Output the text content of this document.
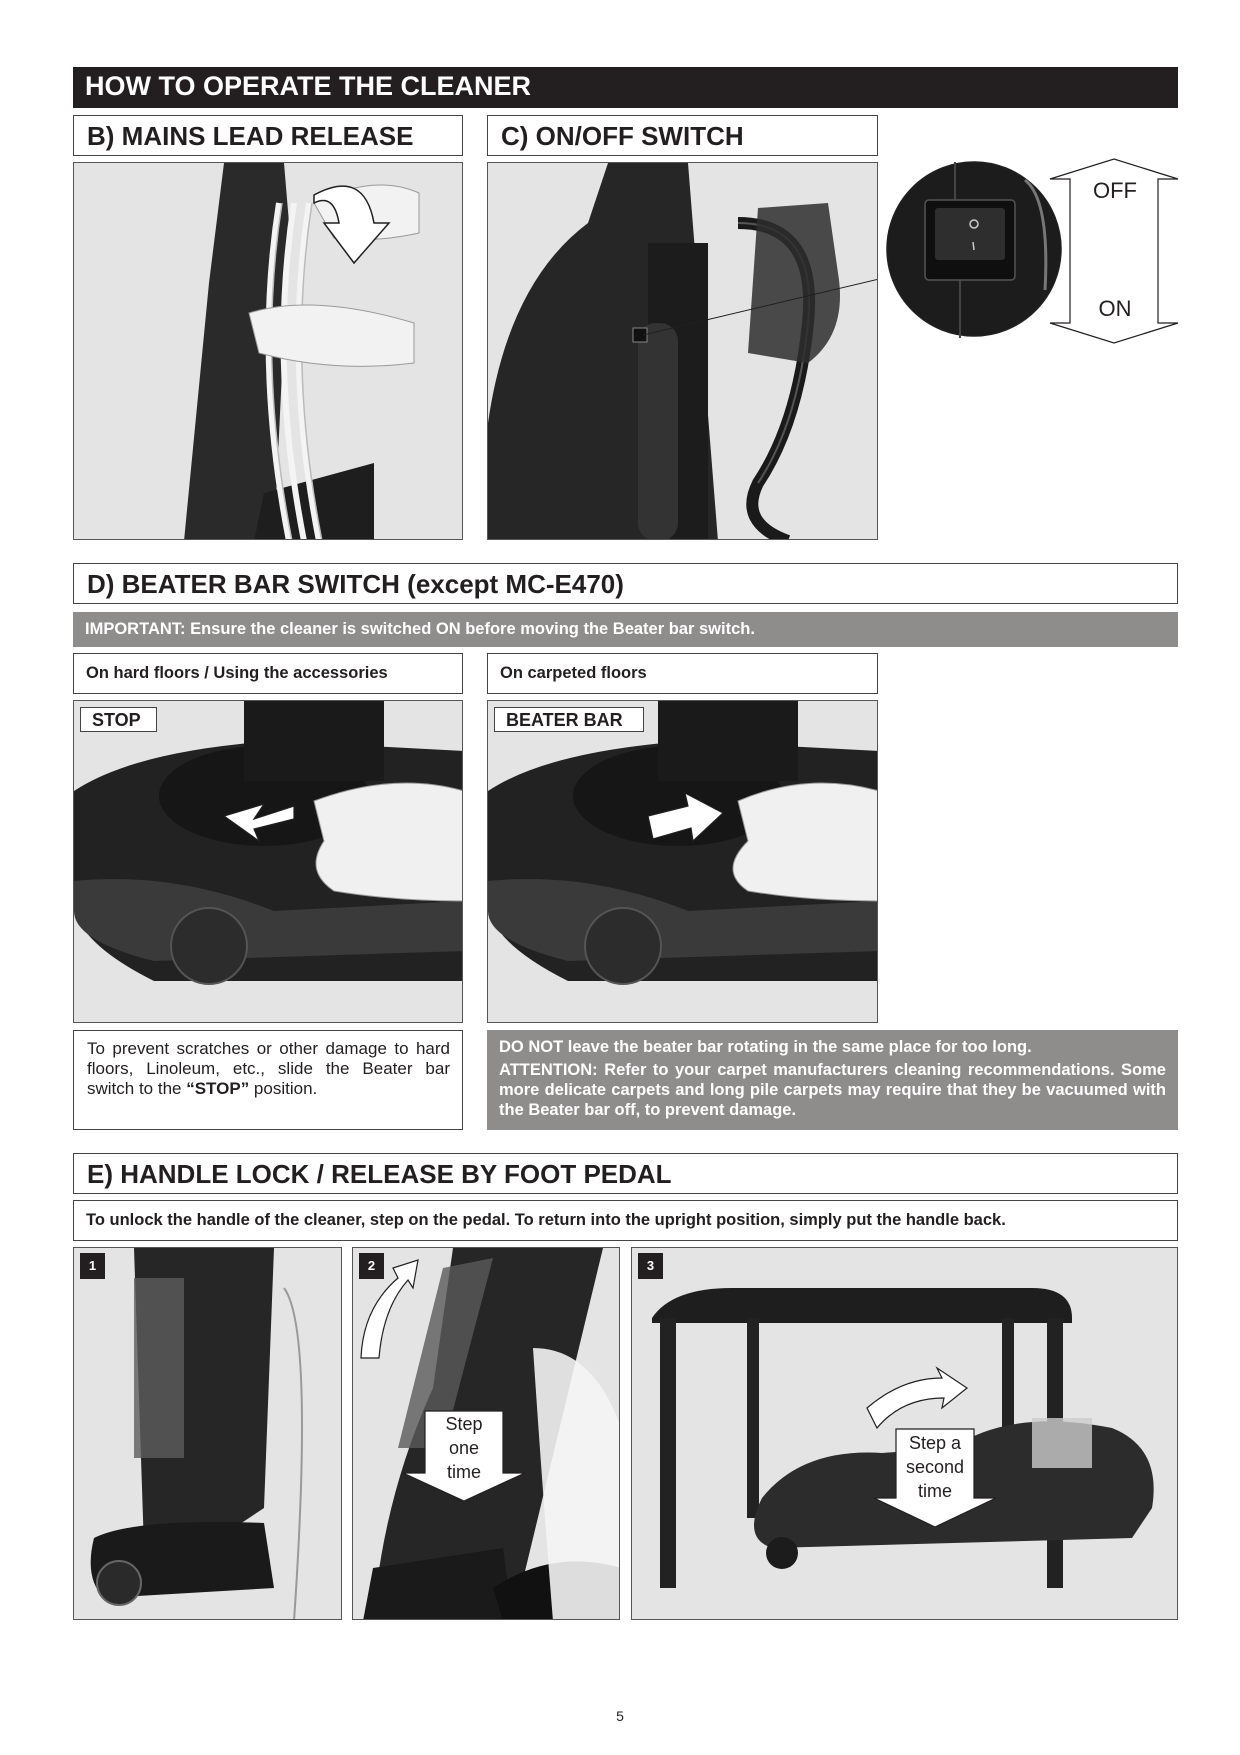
HOW TO OPERATE THE CLEANER
B) MAINS LEAD RELEASE	C) ON/OFF SWITCH
OFF
ON
D) BEATER BAR SWITCH (except MC-E470)
IMPORTANT: Ensure the cleaner is switched ON before moving the Beater bar switch.
On hard floors / Using the accessories	On carpeted floors
STOP	BEATER BAR
To prevent scratches or other damage to hard floors, Linoleum, etc., slide the Beater bar switch to the “STOP” position.
DO NOT leave the beater bar rotating in the same place for too long.
ATTENTION: Refer to your carpet manufacturers cleaning recommendations. Some more delicate carpets and long pile carpets may require that they be vacuumed with the Beater bar off, to prevent damage.
E) HANDLE LOCK / RELEASE BY FOOT PEDAL
To unlock the handle of the cleaner, step on the pedal. To return into the upright position, simply put the handle back.
1	2
Step
one
time
3
Step a
second
time
5
